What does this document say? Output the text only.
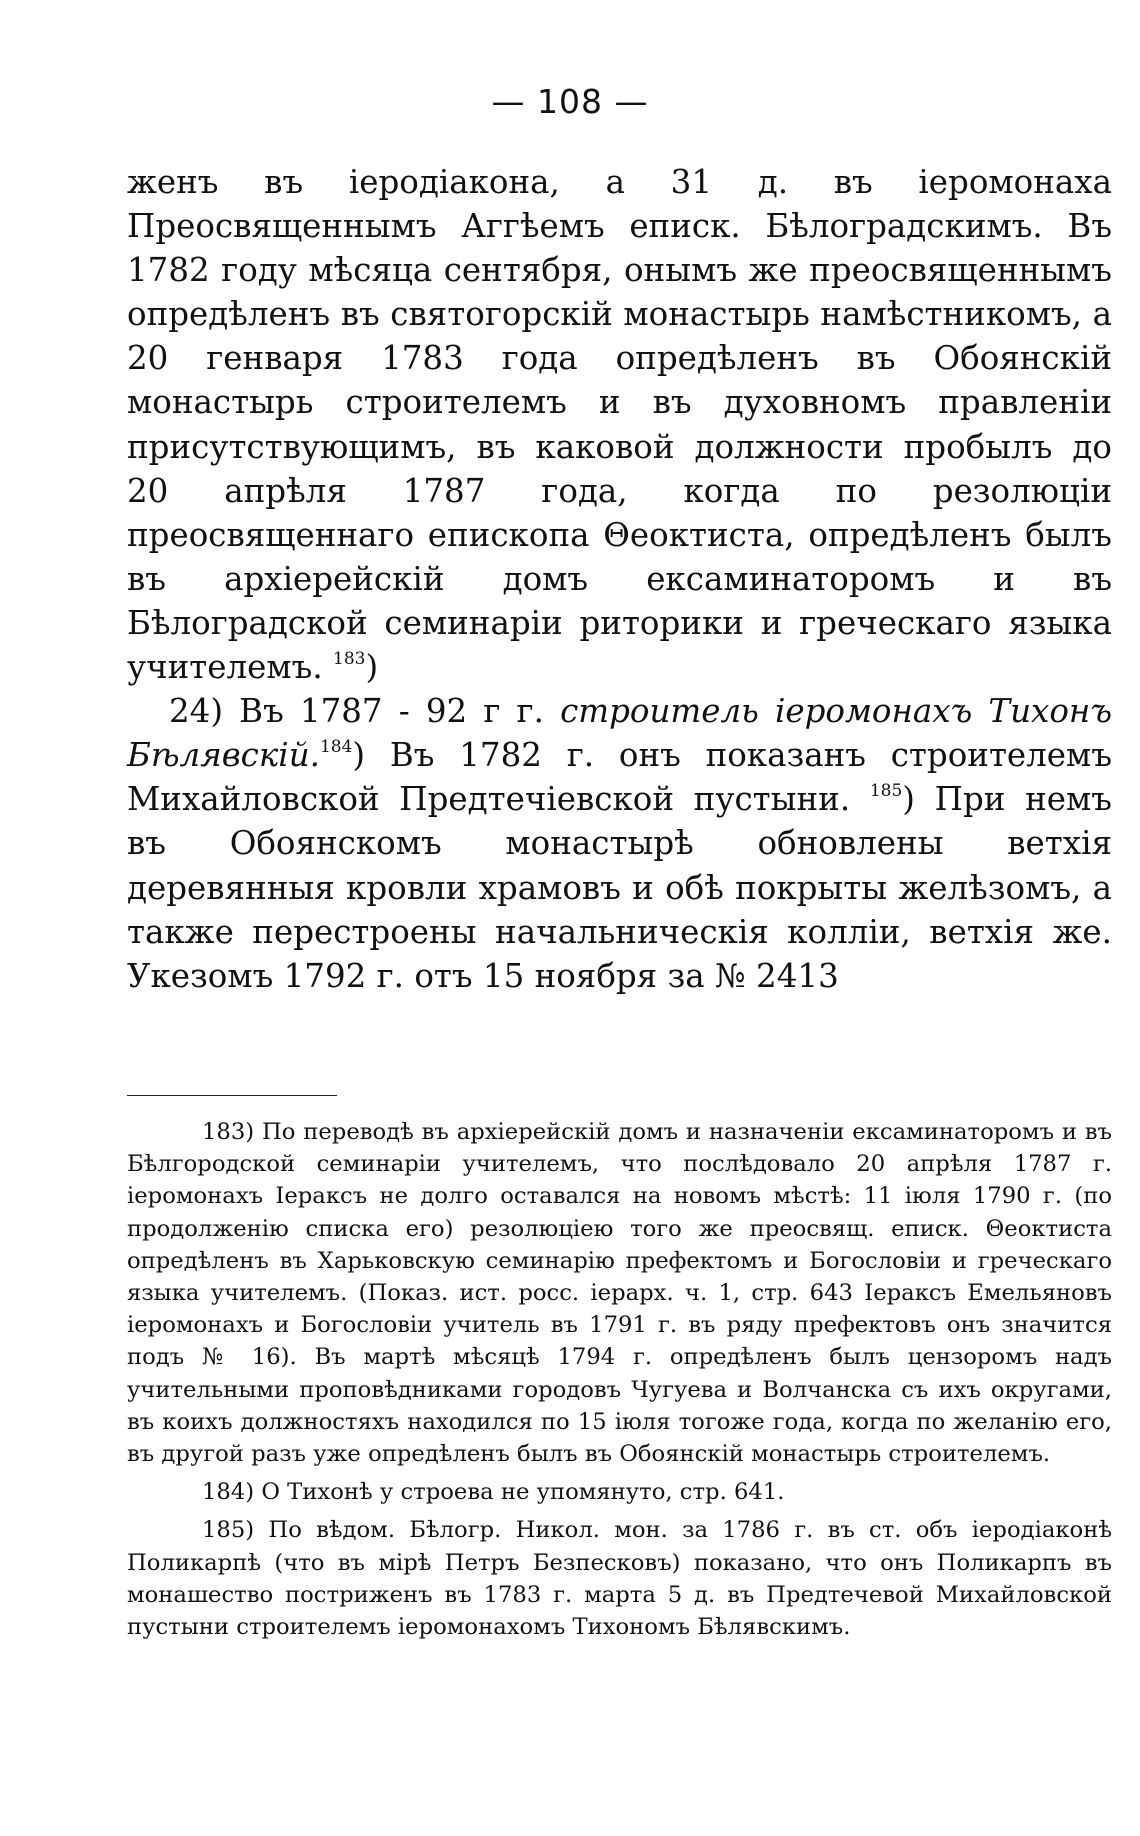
— 108 —

женъ въ іеродіакона, а 31 д. въ іеромонаха Преосвященнымъ Аггѣемъ еписк. Бѣлоградскимъ. Въ 1782 году мѣсяца сентября, онымъ же преосвященнымъ опредѣленъ въ святогорскій монастырь намѣстникомъ, а 20 генваря 1783 года опредѣленъ въ Обоянскій монастырь строителемъ и въ духовномъ правленіи присутствующимъ, въ каковой должности пробылъ до 20 апрѣля 1787 года, когда по резолюціи преосвященнаго епископа Θеоктиста, опредѣленъ былъ въ архіерейскій домъ ексаминаторомъ и въ Бѣлоградской семинаріи риторики и греческаго языка учителемъ. $^{183}$)

24) Въ 1787 - 92 г г. строитель іеромонахъ Тихонъ Бѣлявскій.$^{184}$) Въ 1782 г. онъ показанъ строителемъ Михайловской Предтечіевской пустыни. $^{185}$) При немъ въ Обоянскомъ монастырѣ обновлены ветхія деревянныя кровли храмовъ и обѣ покрыты желѣзомъ, а также перестроены начальническія колліи, ветхія же. Укезомъ 1792 г. отъ 15 ноября за № 2413

183) По переводѣ въ архіерейскій домъ и назначеніи ексаминаторомъ и въ Бѣлгородской семинаріи учителемъ, что послѣдовало 20 апрѣля 1787 г. іеромонахъ Іераксъ не долго оставался на новомъ мѣстѣ: 11 іюля 1790 г. (по продолженію списка его) резолюціею того же преосвящ. еписк. Θеоктиста опредѣленъ въ Харьковскую семинарію префектомъ и Богословіи и греческаго языка учителемъ. (Показ. ист. росс. іерарх. ч. 1, стр. 643 Іераксъ Емельяновъ іеромонахъ и Богословіи учитель въ 1791 г. въ ряду префектовъ онъ значится подъ № 16). Въ мартѣ мѣсяцѣ 1794 г. опредѣленъ былъ цензоромъ надъ учительными проповѣдниками городовъ Чугуева и Волчанска съ ихъ округами, въ коихъ должностяхъ находился по 15 іюля тогоже года, когда по желанію его, въ другой разъ уже опредѣленъ былъ въ Обоянскій монастырь строителемъ.

184) О Тихонѣ у строева не упомянуто, стр. 641.

185) По вѣдом. Бѣлогр. Никол. мон. за 1786 г. въ ст. объ іеродіаконѣ Поликарпѣ (что въ мірѣ Петръ Безпесковъ) показано, что онъ Поликарпъ въ монашество постриженъ въ 1783 г. марта 5 д. въ Предтечевой Михайловской пустыни строителемъ іеромонахомъ Тихономъ Бѣлявскимъ.
